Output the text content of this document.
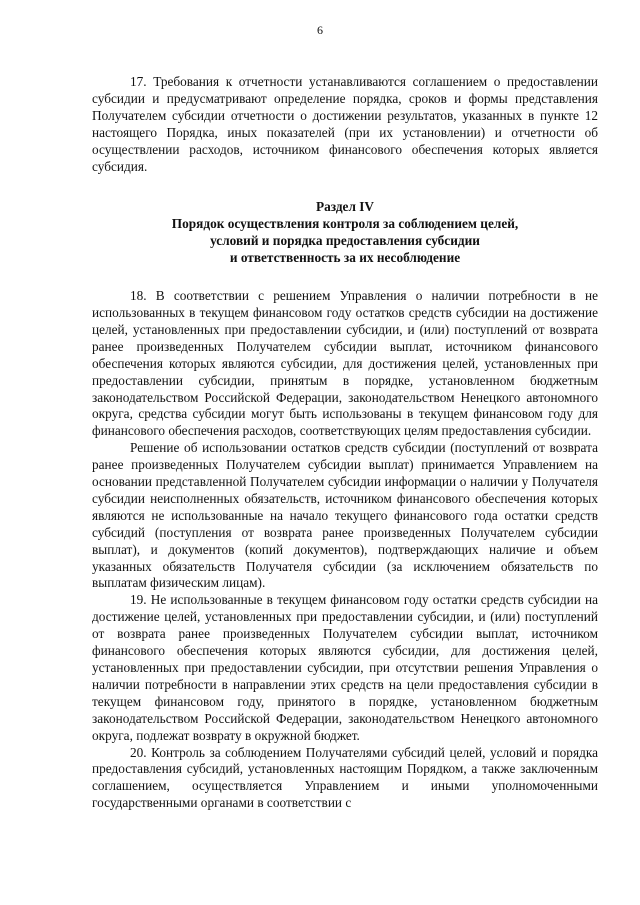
6

17. Требования к отчетности устанавливаются соглашением о предоставлении субсидии и предусматривают определение порядка, сроков и формы представления Получателем субсидии отчетности о достижении результатов, указанных в пункте 12 настоящего Порядка, иных показателей (при их установлении) и отчетности об осуществлении расходов, источником финансового обеспечения которых является субсидия.

Раздел IV
Порядок осуществления контроля за соблюдением целей,
условий и порядка предоставления субсидии
и ответственность за их несоблюдение

18. В соответствии с решением Управления о наличии потребности в не использованных в текущем финансовом году остатков средств субсидии на достижение целей, установленных при предоставлении субсидии, и (или) поступлений от возврата ранее произведенных Получателем субсидии выплат, источником финансового обеспечения которых являются субсидии, для достижения целей, установленных при предоставлении субсидии, принятым в порядке, установленном бюджетным законодательством Российской Федерации, законодательством Ненецкого автономного округа, средства субсидии могут быть использованы в текущем финансовом году для финансового обеспечения расходов, соответствующих целям предоставления субсидии.

Решение об использовании остатков средств субсидии (поступлений от возврата ранее произведенных Получателем субсидии выплат) принимается Управлением на основании представленной Получателем субсидии информации о наличии у Получателя субсидии неисполненных обязательств, источником финансового обеспечения которых являются не использованные на начало текущего финансового года остатки средств субсидий (поступления от возврата ранее произведенных Получателем субсидии выплат), и документов (копий документов), подтверждающих наличие и объем указанных обязательств Получателя субсидии (за исключением обязательств по выплатам физическим лицам).

19. Не использованные в текущем финансовом году остатки средств субсидии на достижение целей, установленных при предоставлении субсидии, и (или) поступлений от возврата ранее произведенных Получателем субсидии выплат, источником финансового обеспечения которых являются субсидии, для достижения целей, установленных при предоставлении субсидии, при отсутствии решения Управления о наличии потребности в направлении этих средств на цели предоставления субсидии в текущем финансовом году, принятого в порядке, установленном бюджетным законодательством Российской Федерации, законодательством Ненецкого автономного округа, подлежат возврату в окружной бюджет.

20. Контроль за соблюдением Получателями субсидий целей, условий и порядка предоставления субсидий, установленных настоящим Порядком, а также заключенным соглашением, осуществляется Управлением и иными уполномоченными государственными органами в соответствии с
